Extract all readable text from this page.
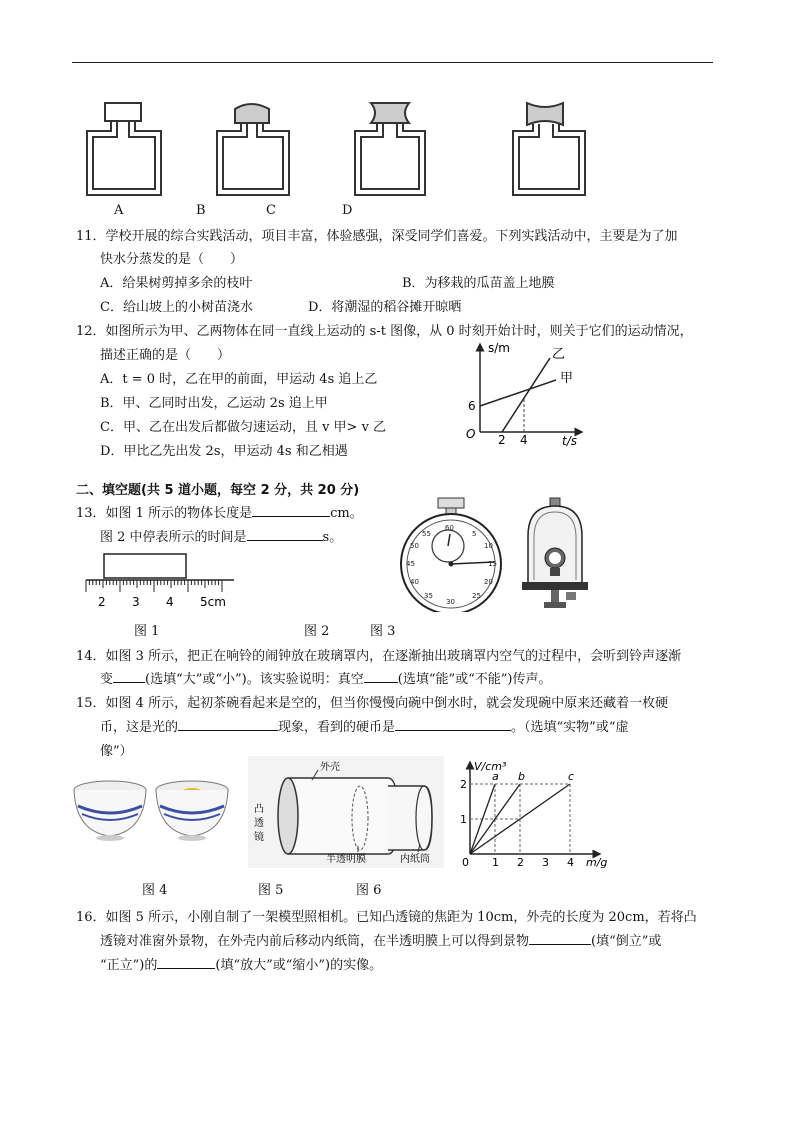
A	B	C	D
11．学校开展的综合实践活动，项目丰富，体验感强，深受同学们喜爱。下列实践活动中，主要是为了加
快水分蒸发的是（　　）
A．给果树剪掉多余的枝叶	B．为移栽的瓜苗盖上地膜
C．给山坡上的小树苗浇水	D．将潮湿的稻谷摊开晾晒
12．如图所示为甲、乙两物体在同一直线上运动的 s-t 图像，从 0 时刻开始计时，则关于它们的运动情况，
描述正确的是（　　）
A．t = 0 时，乙在甲的前面，甲运动 4s 追上乙
B．甲、乙同时出发，乙运动 2s 追上甲
C．甲、乙在出发后都做匀速运动，且 v 甲> v 乙
D．甲比乙先出发 2s，甲运动 4s 和乙相遇
s/m
t/s
O
6
2 4
乙
甲
二、填空题(共 5 道小题，每空 2 分，共 20 分)
13．如图 1 所示的物体长度是	cm。
图 2 中停表所示的时间是	s。
2 3 4 5cm
60
5
10
15
20
25
30
35
40
45
50
55
图 1	图 2	图 3
14．如图 3 所示，把正在响铃的闹钟放在玻璃罩内，在逐渐抽出玻璃罩内空气的过程中，会听到铃声逐渐
变 (选填“大”或“小”)。该实验说明：真空	(选填“能”或“不能”)传声。
15．如图 4 所示，起初茶碗看起来是空的，但当你慢慢向碗中倒水时，就会发现碗中原来还藏着一枚硬
币，这是光的	现象，看到的硬币是	。（选填“实物”或“虚
像”）
外壳
凸
透
镜
半透明膜	内纸筒
V/cm³
m/g
0
1
2
1 2 3 4
a b	c
图 4	图 5	图 6
16．如图 5 所示，小刚自制了一架模型照相机。已知凸透镜的焦距为 10cm，外壳的长度为 20cm，若将凸
透镜对准窗外景物，在外壳内前后移动内纸筒，在半透明膜上可以得到景物	(填“倒立”或
“正立”)的	(填“放大”或“缩小”)的实像。
